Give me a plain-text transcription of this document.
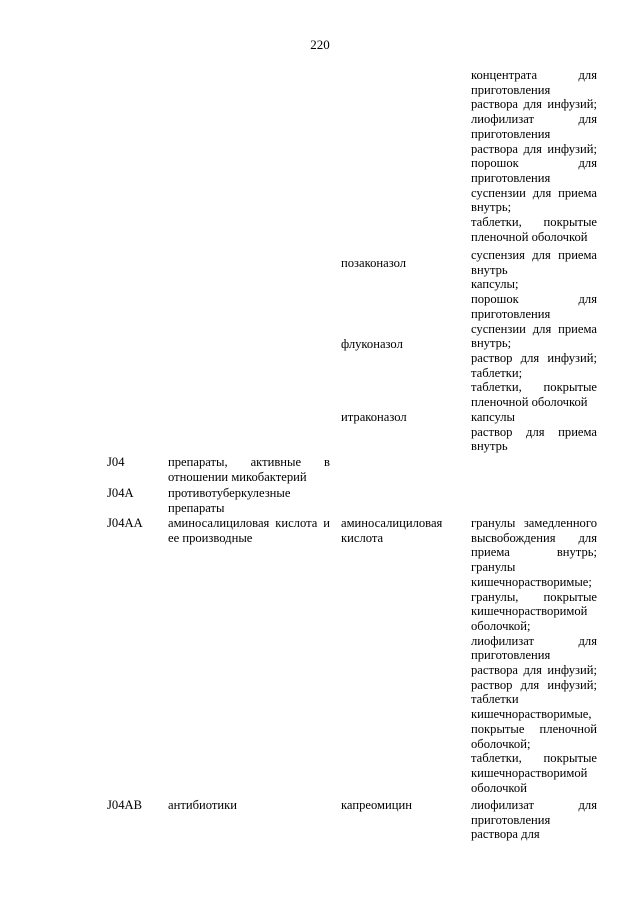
220
концентрата для
приготовления
раствора для инфузий;
лиофилизат для
приготовления
раствора для инфузий;
порошок для
приготовления
суспензии для приема
внутрь;
таблетки, покрытые
пленочной оболочкой
суспензия для приема
внутрь
капсулы;
порошок для
приготовления
суспензии для приема
внутрь;
раствор для инфузий;
таблетки;
таблетки, покрытые
пленочной оболочкой
капсулы
раствор для приема
внутрь
гранулы замедленного
высвобождения для
приема внутрь;
гранулы
кишечнорастворимые;
гранулы, покрытые
кишечнорастворимой
оболочкой;
лиофилизат для
приготовления
раствора для инфузий;
раствор для инфузий;
таблетки
кишечнорастворимые,
покрытые пленочной
оболочкой;
таблетки, покрытые
кишечнорастворимой
оболочкой
лиофилизат для
приготовления
раствора для
позаконазол
флуконазол
итраконазол
аминосалициловая
кислота
капреомицин
препараты, активные в
отношении микобактерий
противотуберкулезные
препараты
аминосалициловая кислота и
ее производные
антибиотики
J04
J04A
J04AA
J04AB
